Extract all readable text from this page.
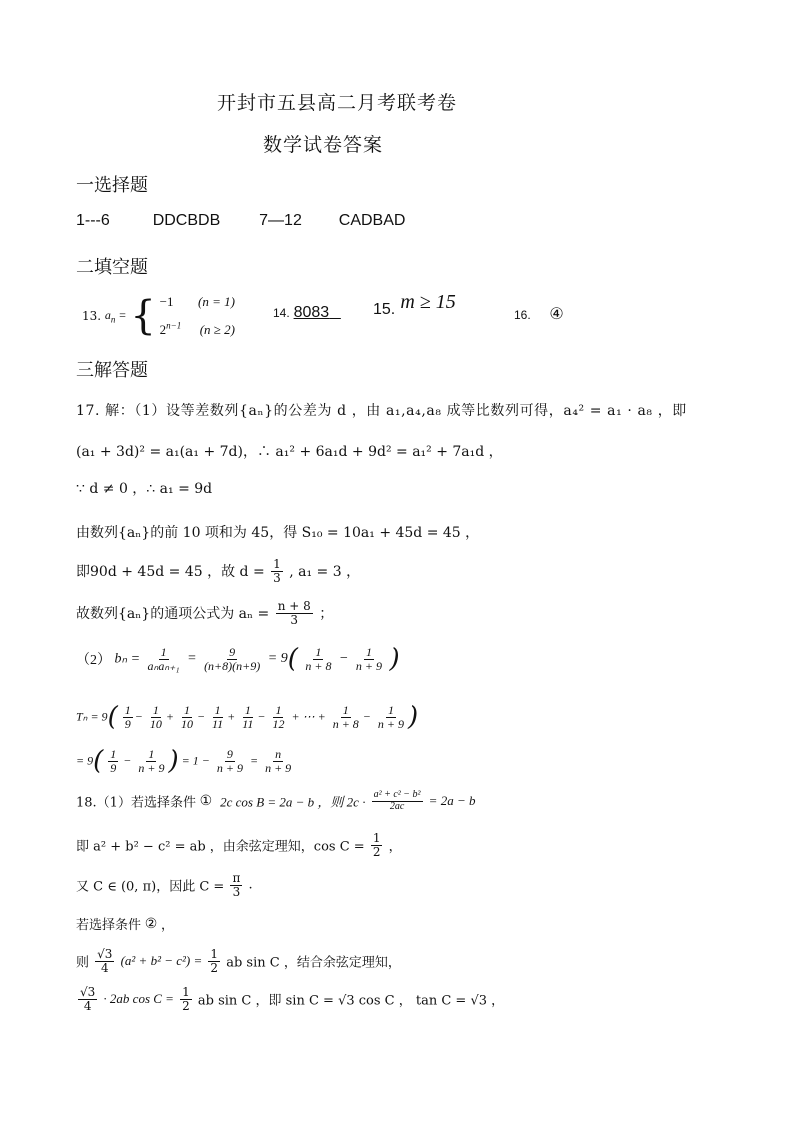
开封市五县高二月考联考卷
数学试卷答案
一选择题
1---6	DDCBDB 7—12 CADBAD
二填空题
13. $a_n$ = { −1 (n = 1)
$2^{n-1}$ (n ≥ 2)
14. 8083	15. m ≥ 15
16. ④
三解答题
17. 解：（1）设等差数列{aₙ}的公差为 d ，由 a₁,a₄,a₈ 成等比数列可得，a₄² = a₁ · a₈ ，即
(a₁ + 3d)² = a₁(a₁ + 7d)，∴ a₁² + 6a₁d + 9d² = a₁² + 7a₁d ，
∵ d ≠ 0 ，∴ a₁ = 9d
由数列{aₙ}的前 10 项和为 45，得 S₁₀ = 10a₁ + 45d = 45 ，
即90d + 45d = 45 ，故 $d = \frac{1}{3}$ , a₁ = 3 ，
故数列{aₙ}的通项公式为 $a_n = \frac{n + 8}{3}$ ；
（2） $b_n = \frac{1}{\text{aₙaₙ₊₁}} = \frac{9}{(n+8)(n+9)} = 9( \frac{1}{n + 8} - \frac{1}{n + 9}$ )
$T_n = 9( \frac{1}{9} - \frac{1}{10} + \frac{1}{10} - \frac{1}{11} + \frac{1}{11} - \frac{1}{12}$ + ⋯ + $\frac{1}{n + 8} - \frac{1}{n + 9}$ )
= $9( \frac{1}{9} - \frac{1}{n + 9}$ ) = $1 - \frac{9}{n + 9} = \frac{n}{n + 9}$
18.（1）若选择条件 ① 2c cos B = 2a − b ，则 $2c \cdot \frac{\text{a² + c² − b²}}{2ac} = 2a - b$
即 a² + b² − c² = ab ，由余弦定理知，$\cos C = \frac{1}{2}$ ，
又 C ∈ (0, π)，因此 $C = \frac{\pi}{3}$ .
若选择条件 ② ，
则 $\frac{√3}{4} (a^2 + b^2 - c^2) = \frac{1}{2}$ ab sin C ，结合余弦定理知，
$\frac{√3}{4} \cdot 2ab$ $\cos C = \frac{1}{2}$ ab sin C ，即 sin C = √3 cos C ， tan C = √3 ，
